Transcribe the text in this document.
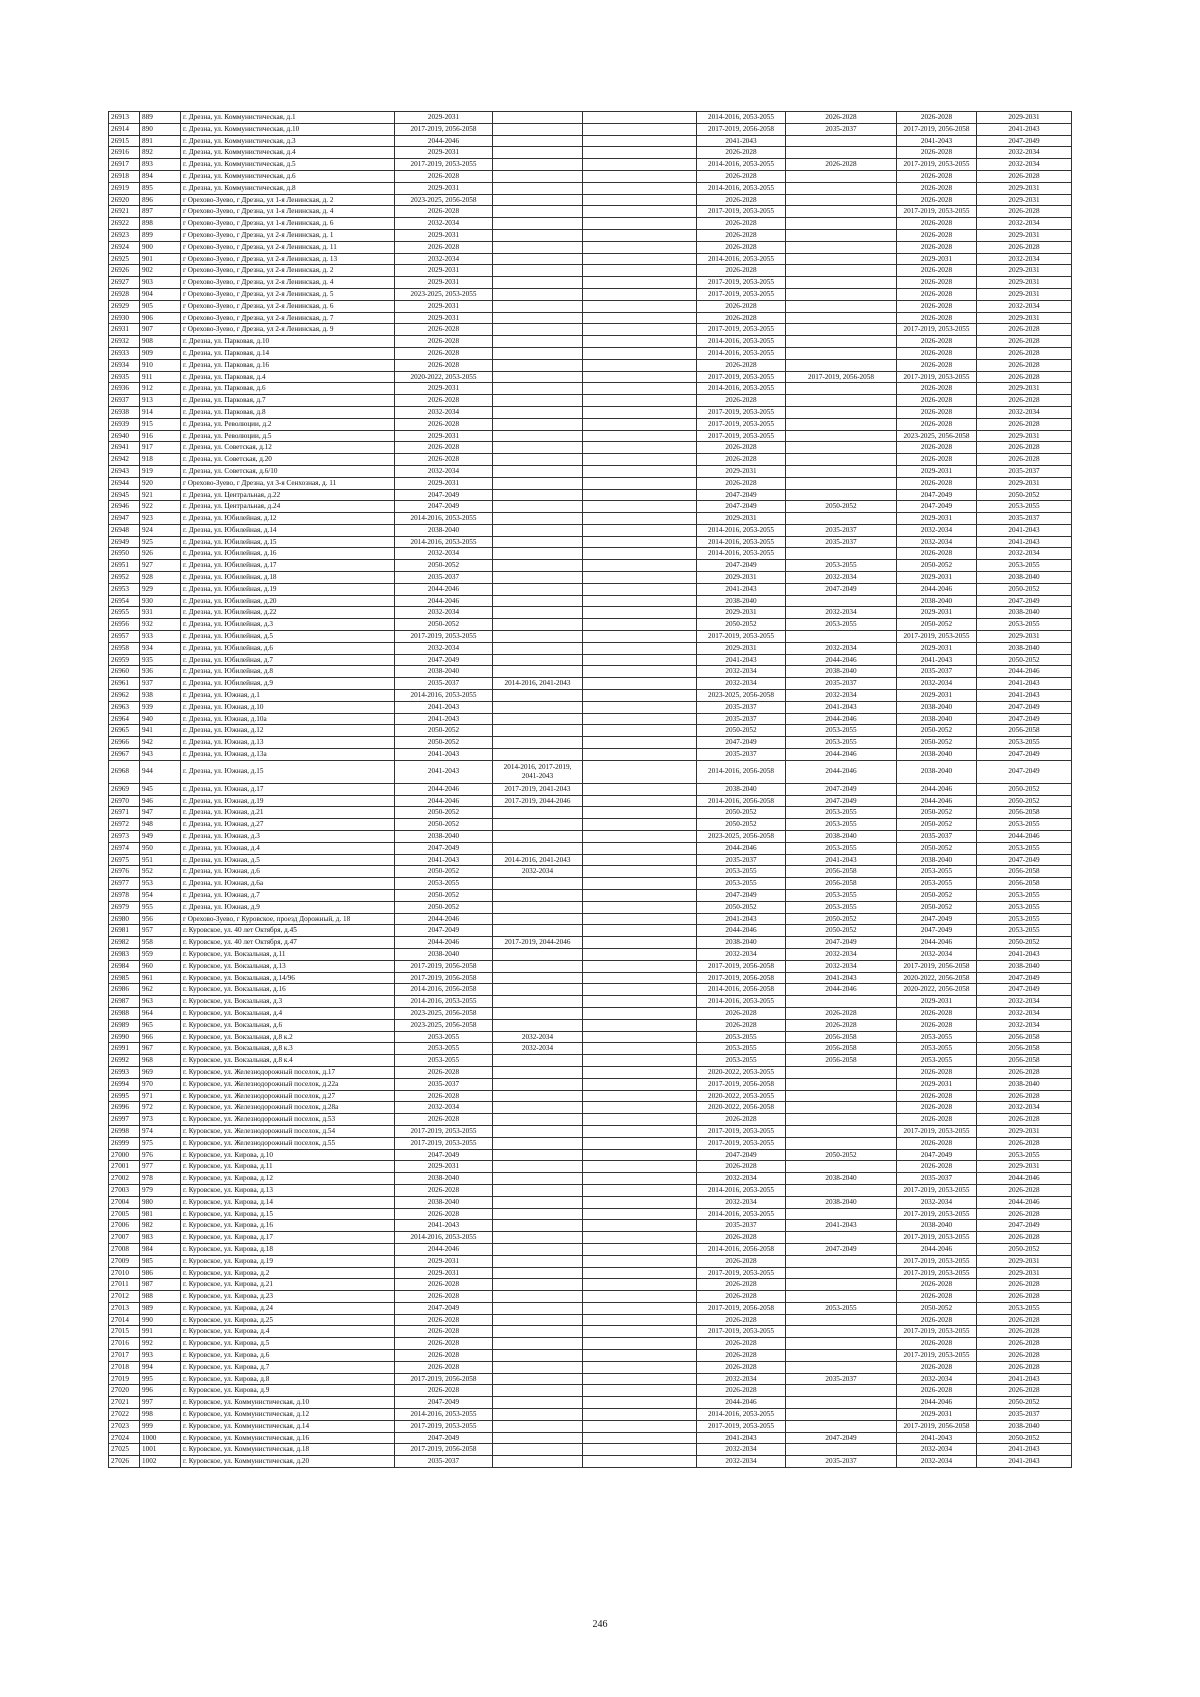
26913	889	г. Дрезна, ул. Коммунистическая, д.1	2029-2031			2014-2016, 2053-2055	2026-2028	2026-2028	2029-2031
26914	890	г. Дрезна, ул. Коммунистическая, д.10	2017-2019, 2056-2058			2017-2019, 2056-2058	2035-2037	2017-2019, 2056-2058	2041-2043
26915	891	г. Дрезна, ул. Коммунистическая, д.3	2044-2046			2041-2043		2041-2043	2047-2049
26916	892	г. Дрезна, ул. Коммунистическая, д.4	2029-2031			2026-2028		2026-2028	2032-2034
26917	893	г. Дрезна, ул. Коммунистическая, д.5	2017-2019, 2053-2055			2014-2016, 2053-2055	2026-2028	2017-2019, 2053-2055	2032-2034
26918	894	г. Дрезна, ул. Коммунистическая, д.6	2026-2028			2026-2028		2026-2028	2026-2028
26919	895	г. Дрезна, ул. Коммунистическая, д.8	2029-2031			2014-2016, 2053-2055		2026-2028	2029-2031
26920	896	г Орехово-Зуево, г Дрезна, ул 1-я Ленинская, д. 2	2023-2025, 2056-2058			2026-2028		2026-2028	2029-2031
26921	897	г Орехово-Зуево, г Дрезна, ул 1-я Ленинская, д. 4	2026-2028			2017-2019, 2053-2055		2017-2019, 2053-2055	2026-2028
26922	898	г Орехово-Зуево, г Дрезна, ул 1-я Ленинская, д. 6	2032-2034			2026-2028		2026-2028	2032-2034
26923	899	г Орехово-Зуево, г Дрезна, ул 2-я Ленинская, д. 1	2029-2031			2026-2028		2026-2028	2029-2031
26924	900	г Орехово-Зуево, г Дрезна, ул 2-я Ленинская, д. 11	2026-2028			2026-2028		2026-2028	2026-2028
26925	901	г Орехово-Зуево, г Дрезна, ул 2-я Ленинская, д. 13	2032-2034			2014-2016, 2053-2055		2029-2031	2032-2034
26926	902	г Орехово-Зуево, г Дрезна, ул 2-я Ленинская, д. 2	2029-2031			2026-2028		2026-2028	2029-2031
26927	903	г Орехово-Зуево, г Дрезна, ул 2-я Ленинская, д. 4	2029-2031			2017-2019, 2053-2055		2026-2028	2029-2031
26928	904	г Орехово-Зуево, г Дрезна, ул 2-я Ленинская, д. 5	2023-2025, 2053-2055			2017-2019, 2053-2055		2026-2028	2029-2031
26929	905	г Орехово-Зуево, г Дрезна, ул 2-я Ленинская, д. 6	2029-2031			2026-2028		2026-2028	2032-2034
26930	906	г Орехово-Зуево, г Дрезна, ул 2-я Ленинская, д. 7	2029-2031			2026-2028		2026-2028	2029-2031
26931	907	г Орехово-Зуево, г Дрезна, ул 2-я Ленинская, д. 9	2026-2028			2017-2019, 2053-2055		2017-2019, 2053-2055	2026-2028
26932	908	г. Дрезна, ул. Парковая, д.10	2026-2028			2014-2016, 2053-2055		2026-2028	2026-2028
26933	909	г. Дрезна, ул. Парковая, д.14	2026-2028			2014-2016, 2053-2055		2026-2028	2026-2028
26934	910	г. Дрезна, ул. Парковая, д.16	2026-2028			2026-2028		2026-2028	2026-2028
26935	911	г. Дрезна, ул. Парковая, д.4	2020-2022, 2053-2055			2017-2019, 2053-2055	2017-2019, 2056-2058	2017-2019, 2053-2055	2026-2028
26936	912	г. Дрезна, ул. Парковая, д.6	2029-2031			2014-2016, 2053-2055		2026-2028	2029-2031
26937	913	г. Дрезна, ул. Парковая, д.7	2026-2028			2026-2028		2026-2028	2026-2028
26938	914	г. Дрезна, ул. Парковая, д.8	2032-2034			2017-2019, 2053-2055		2026-2028	2032-2034
26939	915	г. Дрезна, ул. Революции, д.2	2026-2028			2017-2019, 2053-2055		2026-2028	2026-2028
26940	916	г. Дрезна, ул. Революции, д.5	2029-2031			2017-2019, 2053-2055		2023-2025, 2056-2058	2029-2031
26941	917	г. Дрезна, ул. Советская, д.12	2026-2028			2026-2028		2026-2028	2026-2028
26942	918	г. Дрезна, ул. Советская, д.20	2026-2028			2026-2028		2026-2028	2026-2028
26943	919	г. Дрезна, ул. Советская, д.6/10	2032-2034			2029-2031		2029-2031	2035-2037
26944	920	г Орехово-Зуево, г Дрезна, ул 3-я Сенхозная, д. 11	2029-2031			2026-2028		2026-2028	2029-2031
26945	921	г. Дрезна, ул. Центральная, д.22	2047-2049			2047-2049		2047-2049	2050-2052
26946	922	г. Дрезна, ул. Центральная, д.24	2047-2049			2047-2049	2050-2052	2047-2049	2053-2055
26947	923	г. Дрезна, ул. Юбилейная, д.12	2014-2016, 2053-2055			2029-2031		2029-2031	2035-2037
26948	924	г. Дрезна, ул. Юбилейная, д.14	2038-2040			2014-2016, 2053-2055	2035-2037	2032-2034	2041-2043
26949	925	г. Дрезна, ул. Юбилейная, д.15	2014-2016, 2053-2055			2014-2016, 2053-2055	2035-2037	2032-2034	2041-2043
26950	926	г. Дрезна, ул. Юбилейная, д.16	2032-2034			2014-2016, 2053-2055		2026-2028	2032-2034
26951	927	г. Дрезна, ул. Юбилейная, д.17	2050-2052			2047-2049	2053-2055	2050-2052	2053-2055
26952	928	г. Дрезна, ул. Юбилейная, д.18	2035-2037			2029-2031	2032-2034	2029-2031	2038-2040
26953	929	г. Дрезна, ул. Юбилейная, д.19	2044-2046			2041-2043	2047-2049	2044-2046	2050-2052
26954	930	г. Дрезна, ул. Юбилейная, д.20	2044-2046			2038-2040		2038-2040	2047-2049
26955	931	г. Дрезна, ул. Юбилейная, д.22	2032-2034			2029-2031	2032-2034	2029-2031	2038-2040
26956	932	г. Дрезна, ул. Юбилейная, д.3	2050-2052			2050-2052	2053-2055	2050-2052	2053-2055
26957	933	г. Дрезна, ул. Юбилейная, д.5	2017-2019, 2053-2055			2017-2019, 2053-2055		2017-2019, 2053-2055	2029-2031
26958	934	г. Дрезна, ул. Юбилейная, д.6	2032-2034			2029-2031	2032-2034	2029-2031	2038-2040
26959	935	г. Дрезна, ул. Юбилейная, д.7	2047-2049			2041-2043	2044-2046	2041-2043	2050-2052
26960	936	г. Дрезна, ул. Юбилейная, д.8	2038-2040			2032-2034	2038-2040	2035-2037	2044-2046
26961	937	г. Дрезна, ул. Юбилейная, д.9	2035-2037	2014-2016, 2041-2043		2032-2034	2035-2037	2032-2034	2041-2043
26962	938	г. Дрезна, ул. Южная, д.1	2014-2016, 2053-2055			2023-2025, 2056-2058	2032-2034	2029-2031	2041-2043
26963	939	г. Дрезна, ул. Южная, д.10	2041-2043			2035-2037	2041-2043	2038-2040	2047-2049
26964	940	г. Дрезна, ул. Южная, д.10а	2041-2043			2035-2037	2044-2046	2038-2040	2047-2049
26965	941	г. Дрезна, ул. Южная, д.12	2050-2052			2050-2052	2053-2055	2050-2052	2056-2058
26966	942	г. Дрезна, ул. Южная, д.13	2050-2052			2047-2049	2053-2055	2050-2052	2053-2055
26967	943	г. Дрезна, ул. Южная, д.13а	2041-2043			2035-2037	2044-2046	2038-2040	2047-2049
26968	944	г. Дрезна, ул. Южная, д.15	2041-2043	2014-2016, 2017-2019, 2041-2043		2014-2016, 2056-2058	2044-2046	2038-2040	2047-2049
26969	945	г. Дрезна, ул. Южная, д.17	2044-2046	2017-2019, 2041-2043		2038-2040	2047-2049	2044-2046	2050-2052
26970	946	г. Дрезна, ул. Южная, д.19	2044-2046	2017-2019, 2044-2046		2014-2016, 2056-2058	2047-2049	2044-2046	2050-2052
26971	947	г. Дрезна, ул. Южная, д.21	2050-2052			2050-2052	2053-2055	2050-2052	2056-2058
26972	948	г. Дрезна, ул. Южная, д.27	2050-2052			2050-2052	2053-2055	2050-2052	2053-2055
26973	949	г. Дрезна, ул. Южная, д.3	2038-2040			2023-2025, 2056-2058	2038-2040	2035-2037	2044-2046
26974	950	г. Дрезна, ул. Южная, д.4	2047-2049			2044-2046	2053-2055	2050-2052	2053-2055
26975	951	г. Дрезна, ул. Южная, д.5	2041-2043	2014-2016, 2041-2043		2035-2037	2041-2043	2038-2040	2047-2049
26976	952	г. Дрезна, ул. Южная, д.6	2050-2052	2032-2034		2053-2055	2056-2058	2053-2055	2056-2058
26977	953	г. Дрезна, ул. Южная, д.6а	2053-2055			2053-2055	2056-2058	2053-2055	2056-2058
26978	954	г. Дрезна, ул. Южная, д.7	2050-2052			2047-2049	2053-2055	2050-2052	2053-2055
26979	955	г. Дрезна, ул. Южная, д.9	2050-2052			2050-2052	2053-2055	2050-2052	2053-2055
26980	956	г Орехово-Зуево, г Куровское, проезд Дорожный, д. 18	2044-2046			2041-2043	2050-2052	2047-2049	2053-2055
26981	957	г. Куровское, ул. 40 лет Октября, д.45	2047-2049			2044-2046	2050-2052	2047-2049	2053-2055
26982	958	г. Куровское, ул. 40 лет Октября, д.47	2044-2046	2017-2019, 2044-2046		2038-2040	2047-2049	2044-2046	2050-2052
26983	959	г. Куровское, ул. Вокзальная, д.11	2038-2040			2032-2034	2032-2034	2032-2034	2041-2043
26984	960	г. Куровское, ул. Вокзальная, д.13	2017-2019, 2056-2058			2017-2019, 2056-2058	2032-2034	2017-2019, 2056-2058	2038-2040
26985	961	г. Куровское, ул. Вокзальная, д.14/96	2017-2019, 2056-2058			2017-2019, 2056-2058	2041-2043	2020-2022, 2056-2058	2047-2049
26986	962	г. Куровское, ул. Вокзальная, д.16	2014-2016, 2056-2058			2014-2016, 2056-2058	2044-2046	2020-2022, 2056-2058	2047-2049
26987	963	г. Куровское, ул. Вокзальная, д.3	2014-2016, 2053-2055			2014-2016, 2053-2055		2029-2031	2032-2034
26988	964	г. Куровское, ул. Вокзальная, д.4	2023-2025, 2056-2058			2026-2028	2026-2028	2026-2028	2032-2034
26989	965	г. Куровское, ул. Вокзальная, д.6	2023-2025, 2056-2058			2026-2028	2026-2028	2026-2028	2032-2034
26990	966	г. Куровское, ул. Вокзальная, д.8 к.2	2053-2055	2032-2034		2053-2055	2056-2058	2053-2055	2056-2058
26991	967	г. Куровское, ул. Вокзальная, д.8 к.3	2053-2055	2032-2034		2053-2055	2056-2058	2053-2055	2056-2058
26992	968	г. Куровское, ул. Вокзальная, д.8 к.4	2053-2055			2053-2055	2056-2058	2053-2055	2056-2058
26993	969	г. Куровское, ул. Железнодорожный поселок, д.17	2026-2028			2020-2022, 2053-2055		2026-2028	2026-2028
26994	970	г. Куровское, ул. Железнодорожный поселок, д.22а	2035-2037			2017-2019, 2056-2058		2029-2031	2038-2040
26995	971	г. Куровское, ул. Железнодорожный поселок, д.27	2026-2028			2020-2022, 2053-2055		2026-2028	2026-2028
26996	972	г. Куровское, ул. Железнодорожный поселок, д.28а	2032-2034			2020-2022, 2056-2058		2026-2028	2032-2034
26997	973	г. Куровское, ул. Железнодорожный поселок, д.53	2026-2028			2026-2028		2026-2028	2026-2028
26998	974	г. Куровское, ул. Железнодорожный поселок, д.54	2017-2019, 2053-2055			2017-2019, 2053-2055		2017-2019, 2053-2055	2029-2031
26999	975	г. Куровское, ул. Железнодорожный поселок, д.55	2017-2019, 2053-2055			2017-2019, 2053-2055		2026-2028	2026-2028
27000	976	г. Куровское, ул. Кирова, д.10	2047-2049			2047-2049	2050-2052	2047-2049	2053-2055
27001	977	г. Куровское, ул. Кирова, д.11	2029-2031			2026-2028		2026-2028	2029-2031
27002	978	г. Куровское, ул. Кирова, д.12	2038-2040			2032-2034	2038-2040	2035-2037	2044-2046
27003	979	г. Куровское, ул. Кирова, д.13	2026-2028			2014-2016, 2053-2055		2017-2019, 2053-2055	2026-2028
27004	980	г. Куровское, ул. Кирова, д.14	2038-2040			2032-2034	2038-2040	2032-2034	2044-2046
27005	981	г. Куровское, ул. Кирова, д.15	2026-2028			2014-2016, 2053-2055		2017-2019, 2053-2055	2026-2028
27006	982	г. Куровское, ул. Кирова, д.16	2041-2043			2035-2037	2041-2043	2038-2040	2047-2049
27007	983	г. Куровское, ул. Кирова, д.17	2014-2016, 2053-2055			2026-2028		2017-2019, 2053-2055	2026-2028
27008	984	г. Куровское, ул. Кирова, д.18	2044-2046			2014-2016, 2056-2058	2047-2049	2044-2046	2050-2052
27009	985	г. Куровское, ул. Кирова, д.19	2029-2031			2026-2028		2017-2019, 2053-2055	2029-2031
27010	986	г. Куровское, ул. Кирова, д.2	2029-2031			2017-2019, 2053-2055		2017-2019, 2053-2055	2029-2031
27011	987	г. Куровское, ул. Кирова, д.21	2026-2028			2026-2028		2026-2028	2026-2028
27012	988	г. Куровское, ул. Кирова, д.23	2026-2028			2026-2028		2026-2028	2026-2028
27013	989	г. Куровское, ул. Кирова, д.24	2047-2049			2017-2019, 2056-2058	2053-2055	2050-2052	2053-2055
27014	990	г. Куровское, ул. Кирова, д.25	2026-2028			2026-2028		2026-2028	2026-2028
27015	991	г. Куровское, ул. Кирова, д.4	2026-2028			2017-2019, 2053-2055		2017-2019, 2053-2055	2026-2028
27016	992	г. Куровское, ул. Кирова, д.5	2026-2028			2026-2028		2026-2028	2026-2028
27017	993	г. Куровское, ул. Кирова, д.6	2026-2028			2026-2028		2017-2019, 2053-2055	2026-2028
27018	994	г. Куровское, ул. Кирова, д.7	2026-2028			2026-2028		2026-2028	2026-2028
27019	995	г. Куровское, ул. Кирова, д.8	2017-2019, 2056-2058			2032-2034	2035-2037	2032-2034	2041-2043
27020	996	г. Куровское, ул. Кирова, д.9	2026-2028			2026-2028		2026-2028	2026-2028
27021	997	г. Куровское, ул. Коммунистическая, д.10	2047-2049			2044-2046		2044-2046	2050-2052
27022	998	г. Куровское, ул. Коммунистическая, д.12	2014-2016, 2053-2055			2014-2016, 2053-2055		2029-2031	2035-2037
27023	999	г. Куровское, ул. Коммунистическая, д.14	2017-2019, 2053-2055			2017-2019, 2053-2055		2017-2019, 2056-2058	2038-2040
27024	1000	г. Куровское, ул. Коммунистическая, д.16	2047-2049			2041-2043	2047-2049	2041-2043	2050-2052
27025	1001	г. Куровское, ул. Коммунистическая, д.18	2017-2019, 2056-2058			2032-2034		2032-2034	2041-2043
27026	1002	г. Куровское, ул. Коммунистическая, д.20	2035-2037			2032-2034	2035-2037	2032-2034	2041-2043
246
